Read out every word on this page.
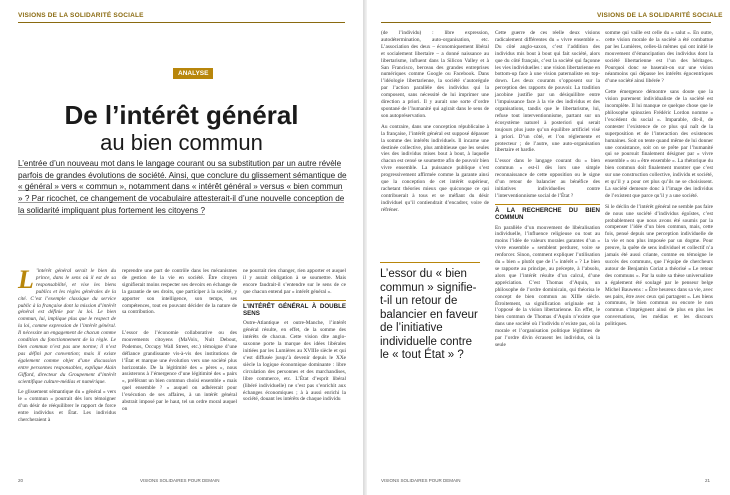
VISIONS DE LA SOLIDARITÉ SOCIALE
ANALYSE
De l’intérêt général
au bien commun
L’entrée d’un nouveau mot dans le langage courant ou sa substitution par un autre révèle parfois de grandes évolutions de société. Ainsi, que conclure du glissement sémantique de « général » vers « commun », notamment dans « intérêt général » versus « bien commun » ? Par ricochet, ce changement de vocabulaire attesterait-il d’une nouvelle conception de la solidarité impliquant plus fortement les citoyens ?

L ’intérêt général serait le bien du prince, dans le sens où il est de sa responsabilité, et vise les biens publics et les règles générales de la cité. C’est l’exemple classique du service public à la française dont la mission d’intérêt général est définie par la loi. Le bien commun, lui, implique plus que le respect de la loi, comme expression de l’intérêt général. Il nécessite un engagement de chacun comme condition du fonctionnement de la règle. Le bien commun n’est pas une norme; il n’est pas défini par convention; mais il existe également comme objet d’une discussion entre personnes responsables, explique Alain Giffard, directeur du Groupement d’intérêt scientifique culture-médias et numérique.

Le glissement sémantique du « général » vers le « commun » pourrait dès lors témoigner d’un désir de rééquilibrer le rapport de force entre individus et État. Les individus chercheraient à

reprendre une part de contrôle dans les mécanismes de gestion de la vie en société. Être citoyen signifierait moins respecter ses devoirs en échange de la garantie de ses droits, que participer à la société, y apporter son intelligence, son temps, ses compétences, tout en pouvant décider de la nature de sa contribution.

L’essor de l’économie collaborative ou des mouvements citoyens (MaVoix, Nuit Debout, Podemos, Occupy Wall Street, etc.) témoigne d’une défiance grandissante vis-à-vis des institutions de l’État et marque une évolution vers une société plus horizontale. De la légitimité des « pères », nous assisterons à l’émergence d’une légitimité des « pairs », préférant un bien commun choisi ensemble « mais quel ensemble ? » auquel on adhérerait pour l’exécution de ses affaires, à un intérêt général abstrait imposé par le haut, tel un ordre moral auquel on

ne pourrait rien changer, rien apporter et auquel il y aurait obligation à se soumettre. Mais encore faudrait-il s’entendre sur le sens de ce que chacun entend par « intérêt général ».

L’INTÉRÊT GÉNÉRAL À DOUBLE SENS

Outre-Atlantique et outre-Manche, l’intérêt général résulte, en effet, de la somme des intérêts de chacun. Cette vision dite anglo-saxonne porte la marque des idées libérales initiées par les Lumières au XVIIIe siècle et qui s’est diffusée jusqu’à devenir depuis le XXe siècle la logique économique dominante : libre circulation des personnes et des marchandises, libre commerce, etc. L’État d’esprit libéral (libéré individuelle) ne s’est pas s’enrichit aux échanges économiques ; à à aussi enrichi la société, douant les intérêts de chaque individu

20	VISIONS SOLIDAIRES POUR DEMAIN
VISIONS DE LA SOLIDARITÉ SOCIALE

(de l’individu) : libre expression, autodétermination, auto-organisation, etc. L’association des deux – économiquement libéral et socialement libertaire – a donné naissance au libertarisme, influent dans la Silicon Valley et à San Francisco, berceau des grandes entreprises numériques comme Google ou Facebook. Dans l’idéologie libertarienne, la société s’autorégule par l’action parallèle des individus qui la composent, sans nécessité de lui imprimer une direction a priori. Il y aurait une sorte d’ordre spontané de l’humanité qui agirait dans le sens de son autopréservation.

Au contraire, dans une conception républicaine à la française, l’intérêt général est supposé dépasser la somme des intérêts individuels. Il incarne une destinée collective, plus ambitieuse que les seules vies des individus mises bout à bout, à laquelle chacun est censé se soumettre afin de pouvoir bien vivre ensemble. La puissance publique s’est progressivement affirmée comme la garante ainsi que la conception de cet intérêt supérieur, rachetant théories mieux que quiconque ce qui contribuerait à tous et se méfiant du désir individuel qu’il contiendrait d’encadrer, voire de réfréner.

Cette guerre de ces réelle deux visions radicalement différentes du « vivre ensemble ». Du côté anglo-saxon, c’est l’addition des individus mis bout à bout qui fait société, alors que du côté français, c’est la société qui façonne les vies individuelles : une vision libertarienne en bottom-up face à une vision paternaliste en top-down. Les deux courants s’opposent sur la perception des rapports de pouvoir. La tradition jacobine justifie par un désiquilibre entre l’impuissance face à la vie des individus et des organisations, tandis que le libertarisme, lui, refuse tout interventionnisme, partant sur un écosystème naturel à posteriori qui serait toujours plus juste qu’un équilibre artificiel visé à priori. D’un côté, et l’on réglemente et protecteur ; de l’autre, une auto-organisation libertaire et hardie.

L’essor dans le langage courant du « bien commun » est-il dès lors une simple reconnaissance de cette opposition ou le signe d’un retour de balancier au bénéfice des initiatives individuelles contre l’interventionnisme social de l’État ?

À LA RECHERCHE DU BIEN COMMUN

En parallèle d’un mouvement de libéralisation individuelle, l’influence religieuse ou tout au moins l’idée de valeurs morales garantes d’un « vivre ensemble » semblent perdurer, voire se renforcer. Sinon, comment expliquer l’utilisation du « bien » plutôt que de l’« intérêt » ? Le bien se rapporte au principe, au précepte, à l’absolu, alors que l’intérêt résulte d’un calcul, d’une appréciation. C’est Thomas d’Aquin, un philosophe de l’ordre dominicain, qui théorisa le concept de bien commun au XIIIe siècle. Étroitement, sa signification originale est à l’opposé de la vision libertarienne. En effet, le bien commun de Thomas d’Aquin n’existe que dans une société où l’individu n’existe pas, où la morale et l’organisation politique légitimes de par l’ordre divin écrasent les individus, où la seule

somme qui vaille est celle du « salut ». En outre, cette vision morale de la société a été combattue par les Lumières, celles-là mêmes qui ont initié le mouvement d’émancipation des individus dont la société libertarienne est l’un des héritages. Pourquoi donc se baserait-on sur une vision néanmoins qui dépasse les intérêts égocentriques d’une société ainsi libérée ?

Cette émergence démontre sans doute que la vision purement individualiste de la société est incomplète. Il lui manque ce quelque chose que le philosophe spinozien Frédéric Lordon nomme « l’excédent du social ». Imparable, dit-il, de contester l’existence de ce plus qui naît de la superposition et de l’interaction des existences humaines. Soit on tente quand même de lui donner une consistance, soit on se prête par l’humanité qui se poursuit finalement désigner par « vivre ensemble » ou « être ensemble ». La rhétorique du bien commun doit finalement montrer que c’est sur une construction collective, individu et société, et qu’il y a pour cet plus qu’ils ne se choisissent. La société demeure donc à l’image des individus de l’existent que parce qu’il y a une société.

Si le déclin de l’intérêt général ne semble pas faire de nous une société d’individus égoïstes, c’est probablement que nous avons été soumis par la compenser l’idée d’un bien commun, mais, cette fois, pensé depuis une perception individuelle de la vie et non plus imposée par un dogme. Pour preuve, la quête de sens individuel et collectif n’a jamais été aussi criante, comme en témoigne le succès des communs, que l’équipe de chercheurs autour de Benjamin Coriat a théorisé « Le retour des communs ». Par la suite sa thèse universaliste a également été soulagé par le penseur belge Michel Bauwens : « Être heureux dans sa vie, avec ses pairs, être avec ceux qui partagent ». Les biens communs, le bien commun ou encore le non commun s’imprègnent ainsi de plus en plus les conversations, les médias et les discours politiques.

VISIONS SOLIDAIRES POUR DEMAIN	21
L’essor du « bien commun » signifie-t-il un retour de balancier en faveur de l’initiative individuelle contre le « tout État » ?
